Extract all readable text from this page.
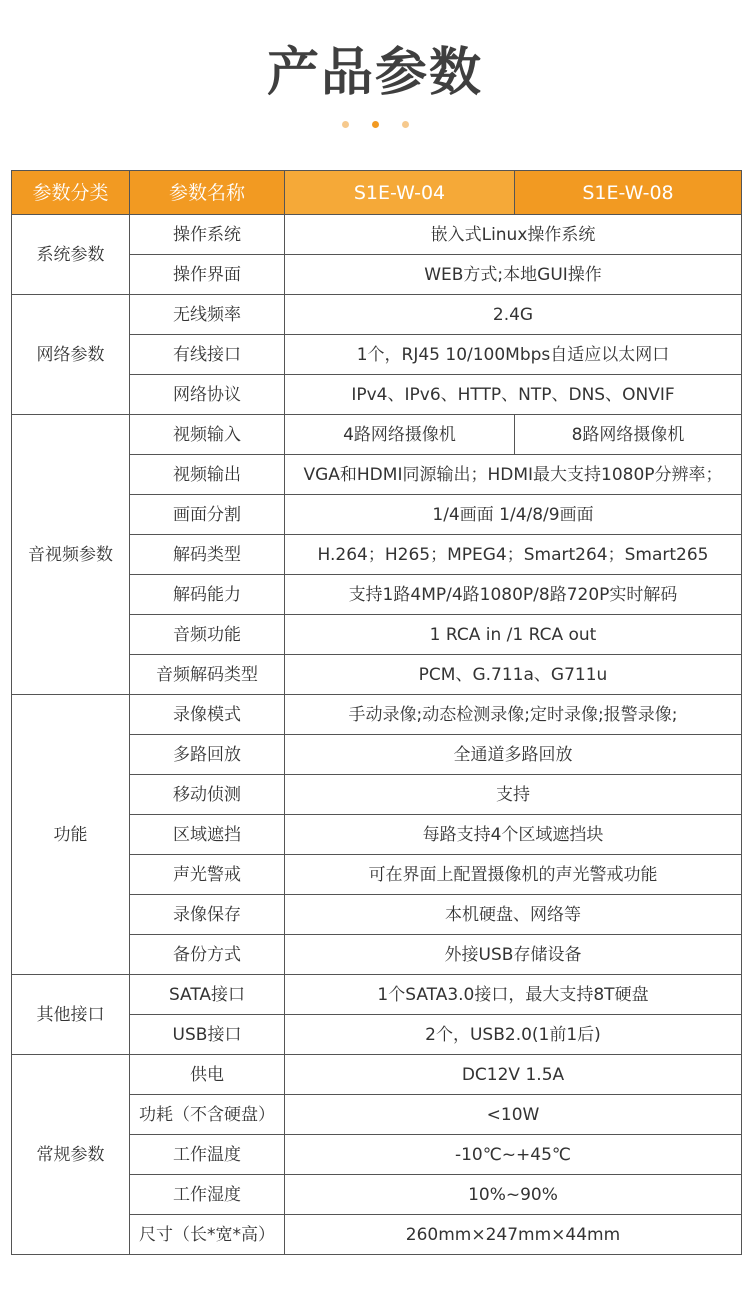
产品参数
参数分类	参数名称	S1E-W-04	S1E-W-08
系统参数	操作系统	嵌入式Linux操作系统	
	操作界面	WEB方式;本地GUI操作	
网络参数	无线频率	2.4G	
	有线接口	1个，RJ45 10/100Mbps自适应以太网口	
	网络协议	IPv4、IPv6、HTTP、NTP、DNS、ONVIF	
音视频参数	视频输入	4路网络摄像机	8路网络摄像机
	视频输出	VGA和HDMI同源输出；HDMI最大支持1080P分辨率；	
	画面分割	1/4画面 1/4/8/9画面	
	解码类型	H.264；H265；MPEG4；Smart264；Smart265	
	解码能力	支持1路4MP/4路1080P/8路720P实时解码	
	音频功能	1 RCA in /1 RCA out	
	音频解码类型	PCM、G.711a、G711u	
功能	录像模式	手动录像;动态检测录像;定时录像;报警录像;	
	多路回放	全通道多路回放	
	移动侦测	支持	
	区域遮挡	每路支持4个区域遮挡块	
	声光警戒	可在界面上配置摄像机的声光警戒功能	
	录像保存	本机硬盘、网络等	
	备份方式	外接USB存储设备	
其他接口	SATA接口	1个SATA3.0接口，最大支持8T硬盘	
	USB接口	2个，USB2.0(1前1后)	
常规参数	供电	DC12V 1.5A	
	功耗（不含硬盘）	<10W	
	工作温度	-10℃~+45℃	
	工作湿度	10%~90%	
	尺寸（长*宽*高）	260mm×247mm×44mm	
